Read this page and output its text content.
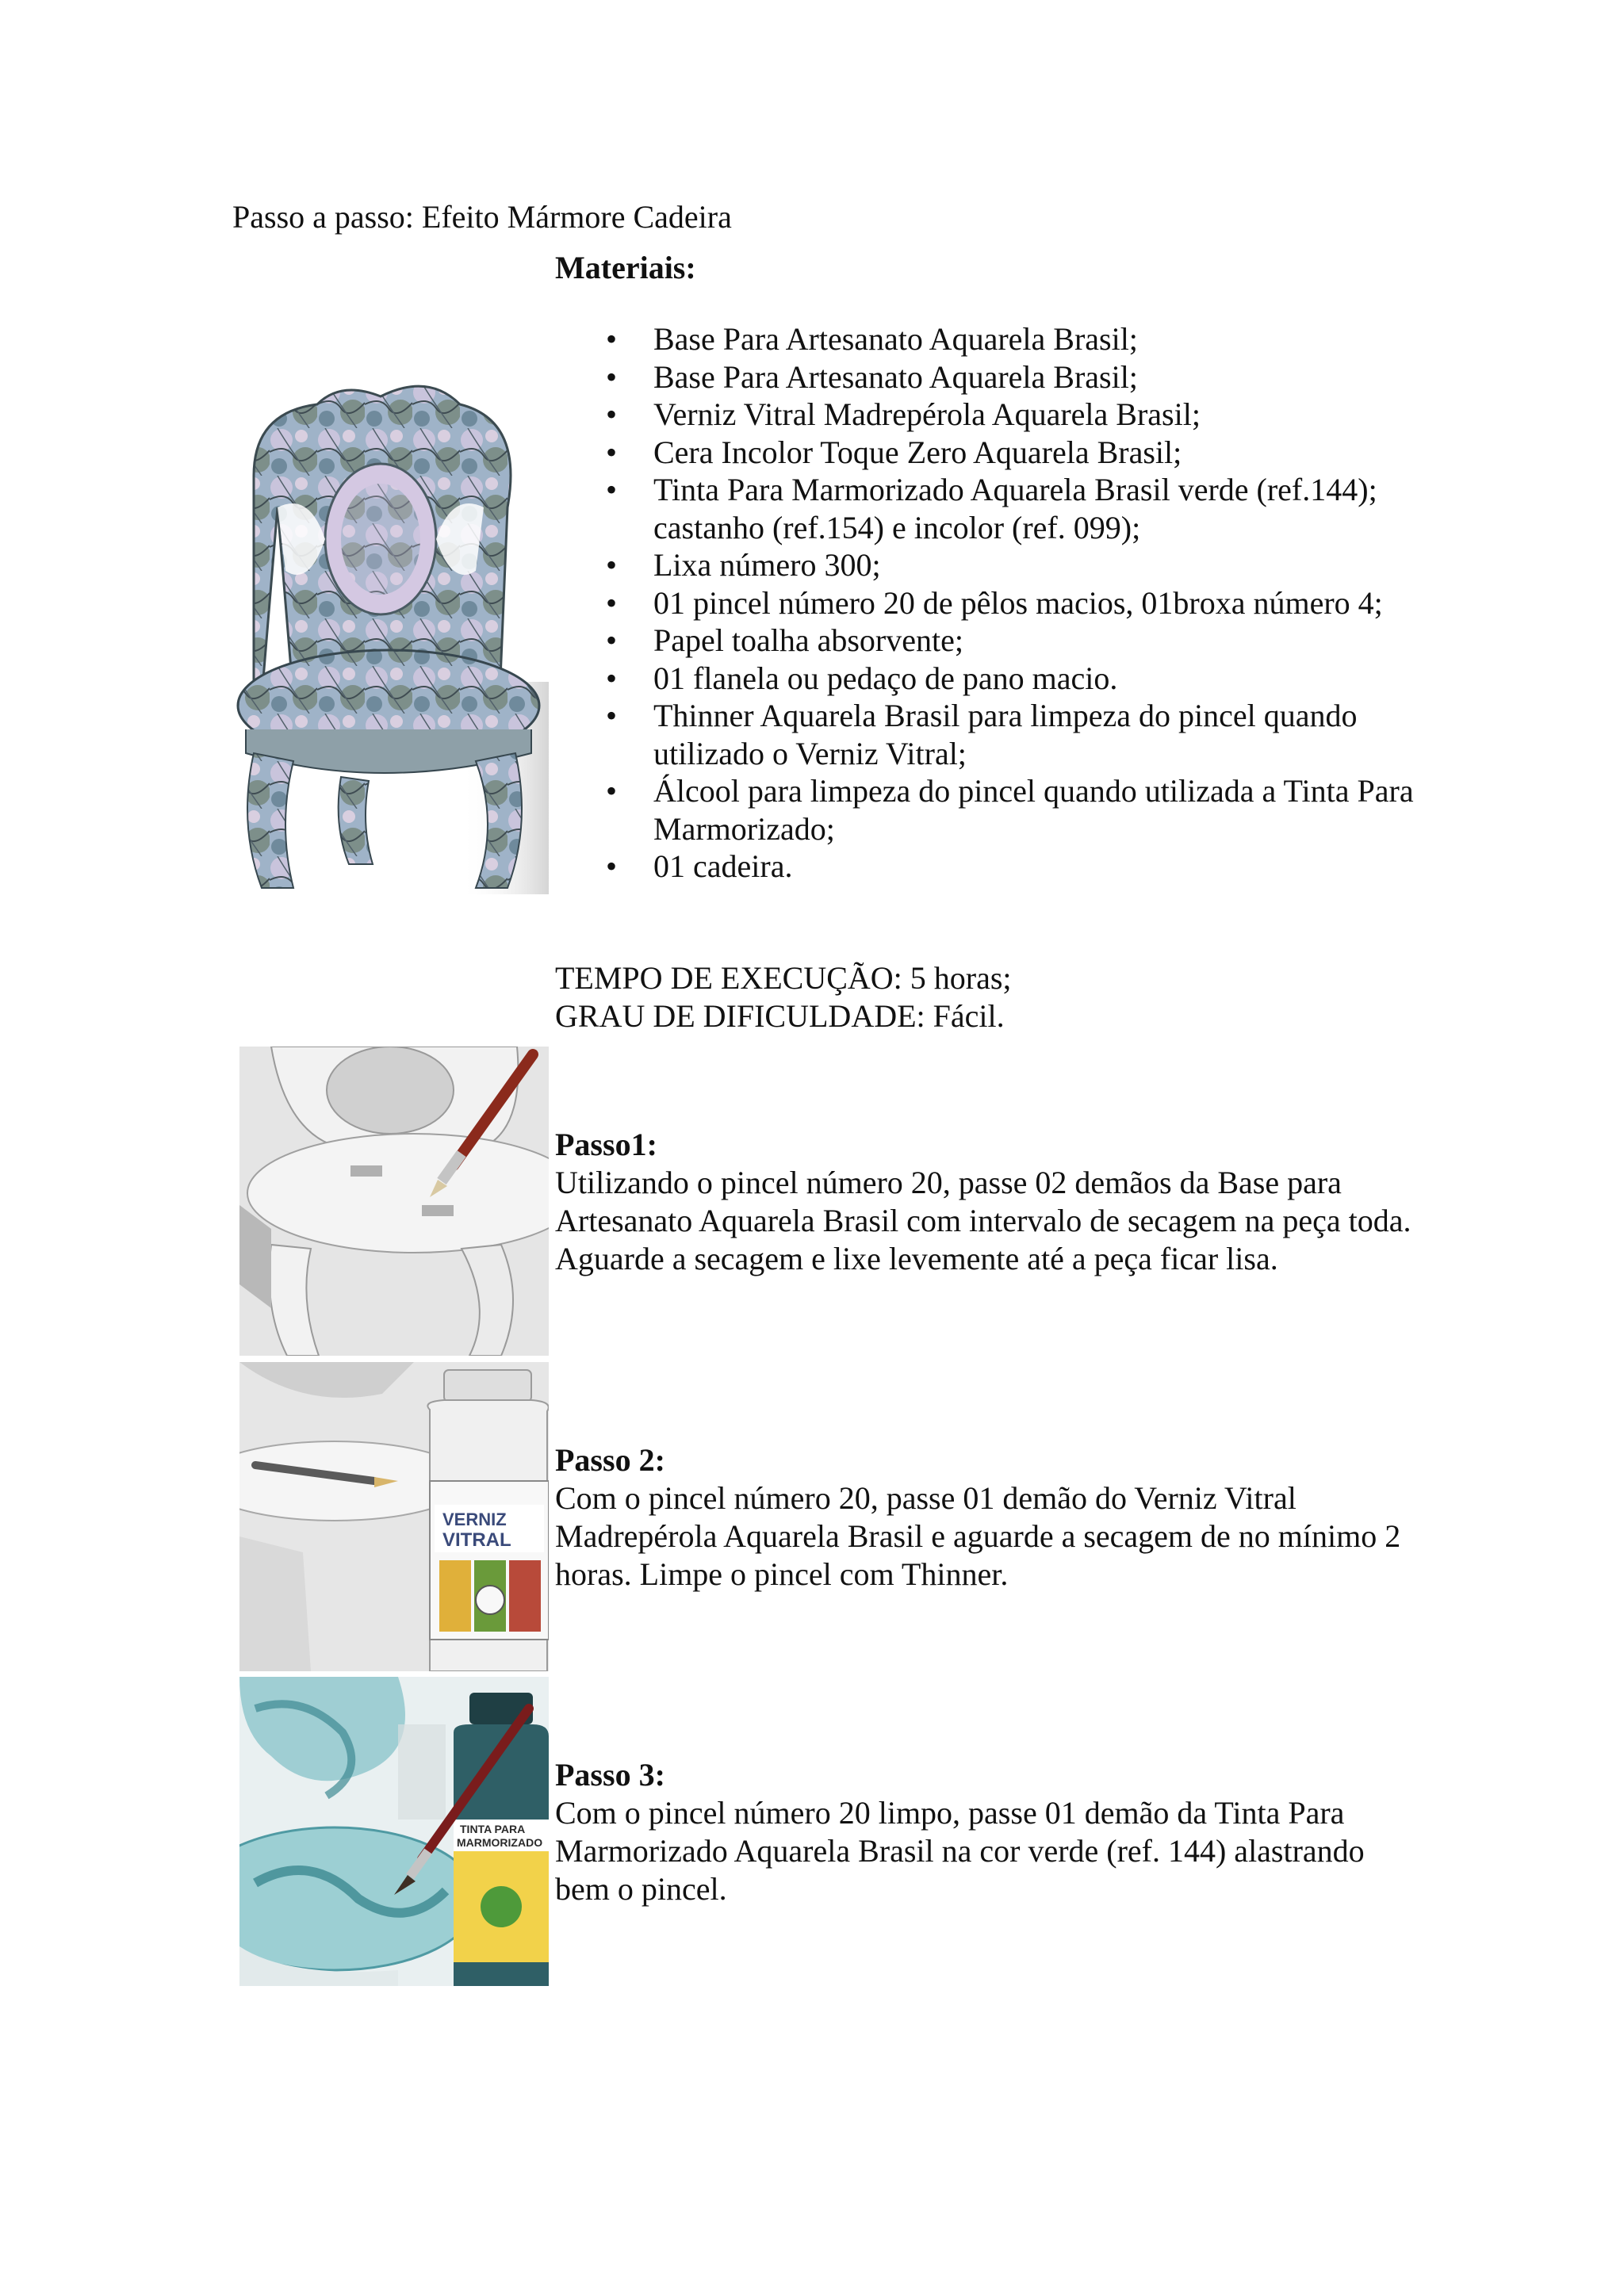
Passo a passo: Efeito Mármore Cadeira
Materiais:
• Base Para Artesanato Aquarela Brasil;
• Base Para Artesanato Aquarela Brasil;
• Verniz Vitral Madrepérola Aquarela Brasil;
• Cera Incolor Toque Zero Aquarela Brasil;
• Tinta Para Marmorizado Aquarela Brasil verde (ref.144); castanho (ref.154) e incolor (ref. 099);
• Lixa número 300;
• 01 pincel número 20 de pêlos macios, 01broxa número 4;
• Papel toalha absorvente;
• 01 flanela ou pedaço de pano macio.
• Thinner Aquarela Brasil para limpeza do pincel quando utilizado o Verniz Vitral;
• Álcool para limpeza do pincel quando utilizada a Tinta Para Marmorizado;
• 01 cadeira.
TEMPO DE EXECUÇÃO: 5 horas;
GRAU DE DIFICULDADE: Fácil.
Passo1:
Utilizando o pincel número 20, passe 02 demãos da Base para Artesanato Aquarela Brasil com intervalo de secagem na peça toda. Aguarde a secagem e lixe levemente até a peça ficar lisa.
Passo 2:
Com o pincel número 20, passe 01 demão do Verniz Vitral Madrepérola Aquarela Brasil e aguarde a secagem de no mínimo 2 horas. Limpe o pincel com Thinner.
Passo 3:
Com o pincel número 20 limpo, passe 01 demão da Tinta Para Marmorizado Aquarela Brasil na cor verde (ref. 144) alastrando bem o pincel.
VERNIZ
VITRAL
TINTA PARA
MARMORIZADO
